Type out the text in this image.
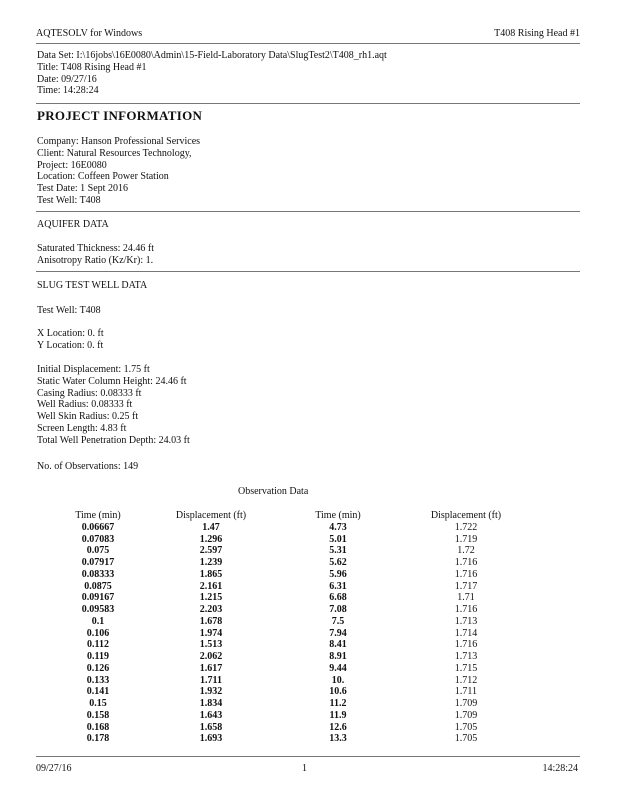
AQTESOLV for Windows	T408 Rising Head #1
Data Set: I:\16jobs\16E0080\Admin\15-Field-Laboratory Data\SlugTest2\T408_rh1.aqt
Title: T408 Rising Head #1
Date: 09/27/16
Time: 14:28:24
PROJECT INFORMATION
Company: Hanson Professional Services
Client: Natural Resources Technology,
Project: 16E0080
Location: Coffeen Power Station
Test Date: 1 Sept 2016
Test Well: T408
AQUIFER DATA
Saturated Thickness: 24.46 ft
Anisotropy Ratio (Kz/Kr): 1.
SLUG TEST WELL DATA
Test Well: T408
X Location: 0. ft
Y Location: 0. ft
Initial Displacement: 1.75 ft
Static Water Column Height: 24.46 ft
Casing Radius: 0.08333 ft
Well Radius: 0.08333 ft
Well Skin Radius: 0.25 ft
Screen Length: 4.83 ft
Total Well Penetration Depth: 24.03 ft
No. of Observations: 149
Observation Data
Time (min)	Displacement (ft)	Time (min)	Displacement (ft)
0.06667	1.47	4.73	1.722
0.07083	1.296	5.01	1.719
0.075	2.597	5.31	1.72
0.07917	1.239	5.62	1.716
0.08333	1.865	5.96	1.716
0.0875	2.161	6.31	1.717
0.09167	1.215	6.68	1.71
0.09583	2.203	7.08	1.716
0.1	1.678	7.5	1.713
0.106	1.974	7.94	1.714
0.112	1.513	8.41	1.716
0.119	2.062	8.91	1.713
0.126	1.617	9.44	1.715
0.133	1.711	10.	1.712
0.141	1.932	10.6	1.711
0.15	1.834	11.2	1.709
0.158	1.643	11.9	1.709
0.168	1.658	12.6	1.705
0.178	1.693	13.3	1.705
09/27/16	1	14:28:24
